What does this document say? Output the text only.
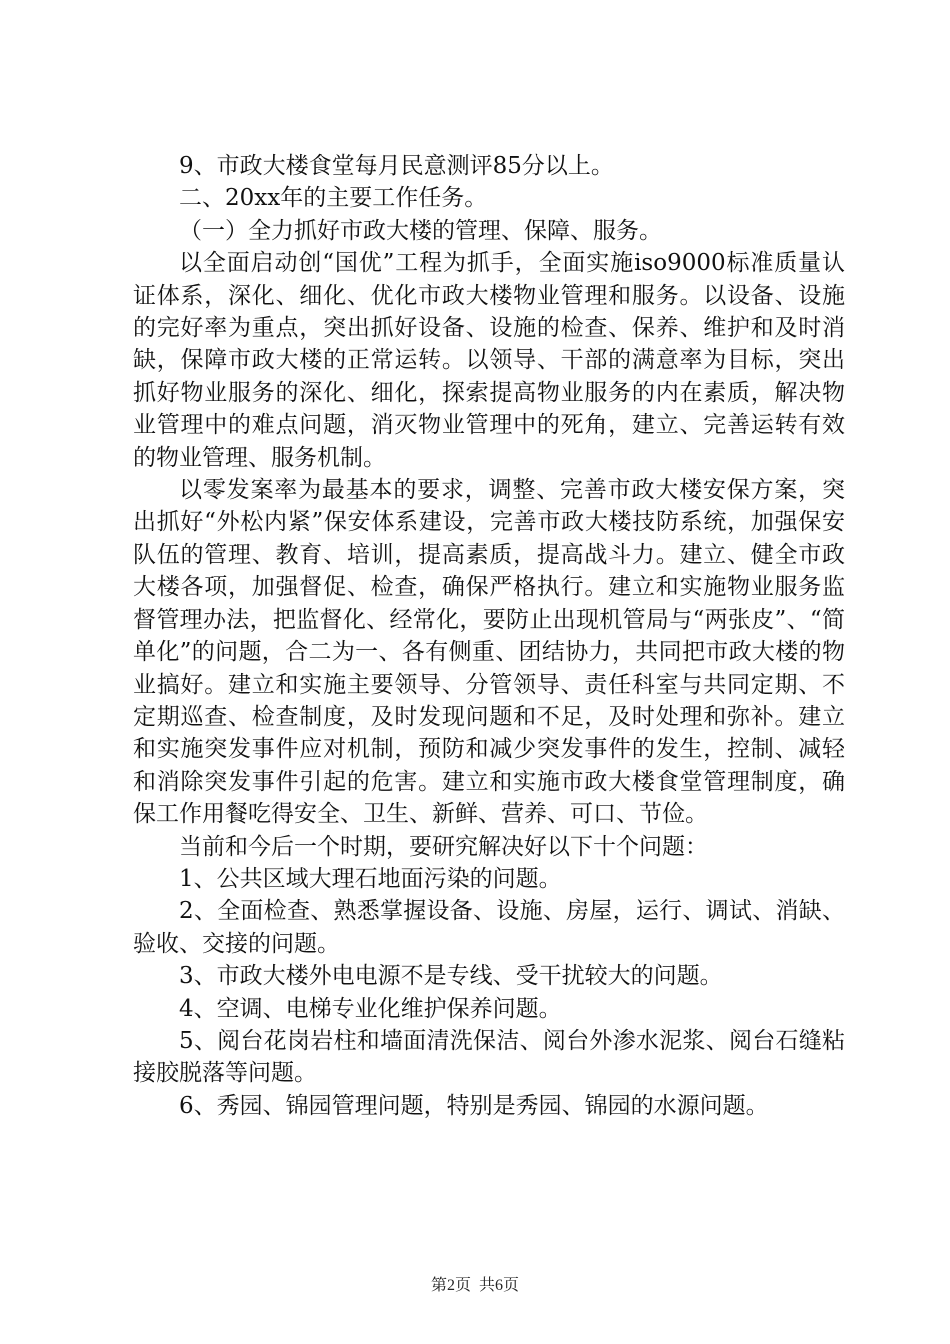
9、市政大楼食堂每月民意测评85分以上。

二、20xx年的主要工作任务。

（一）全力抓好市政大楼的管理、保障、服务。

以全面启动创“国优”工程为抓手，全面实施iso9000标准质量认证体系，深化、细化、优化市政大楼物业管理和服务。以设备、设施的完好率为重点，突出抓好设备、设施的检查、保养、维护和及时消缺，保障市政大楼的正常运转。以领导、干部的满意率为目标，突出抓好物业服务的深化、细化，探索提高物业服务的内在素质，解决物业管理中的难点问题，消灭物业管理中的死角，建立、完善运转有效的物业管理、服务机制。

以零发案率为最基本的要求，调整、完善市政大楼安保方案，突出抓好“外松内紧”保安体系建设，完善市政大楼技防系统，加强保安队伍的管理、教育、培训，提高素质，提高战斗力。建立、健全市政大楼各项，加强督促、检查，确保严格执行。建立和实施物业服务监督管理办法，把监督化、经常化，要防止出现机管局与“两张皮”、“简单化”的问题，合二为一、各有侧重、团结协力，共同把市政大楼的物业搞好。建立和实施主要领导、分管领导、责任科室与共同定期、不定期巡查、检查制度，及时发现问题和不足，及时处理和弥补。建立和实施突发事件应对机制，预防和减少突发事件的发生，控制、减轻和消除突发事件引起的危害。建立和实施市政大楼食堂管理制度，确保工作用餐吃得安全、卫生、新鲜、营养、可口、节俭。

当前和今后一个时期，要研究解决好以下十个问题：

1、公共区域大理石地面污染的问题。

2、全面检查、熟悉掌握设备、设施、房屋，运行、调试、消缺、验收、交接的问题。

3、市政大楼外电电源不是专线、受干扰较大的问题。

4、空调、电梯专业化维护保养问题。

5、阅台花岗岩柱和墙面清洗保洁、阅台外渗水泥浆、阅台石缝粘接胶脱落等问题。

6、秀园、锦园管理问题，特别是秀园、锦园的水源问题。

第2页 共6页
